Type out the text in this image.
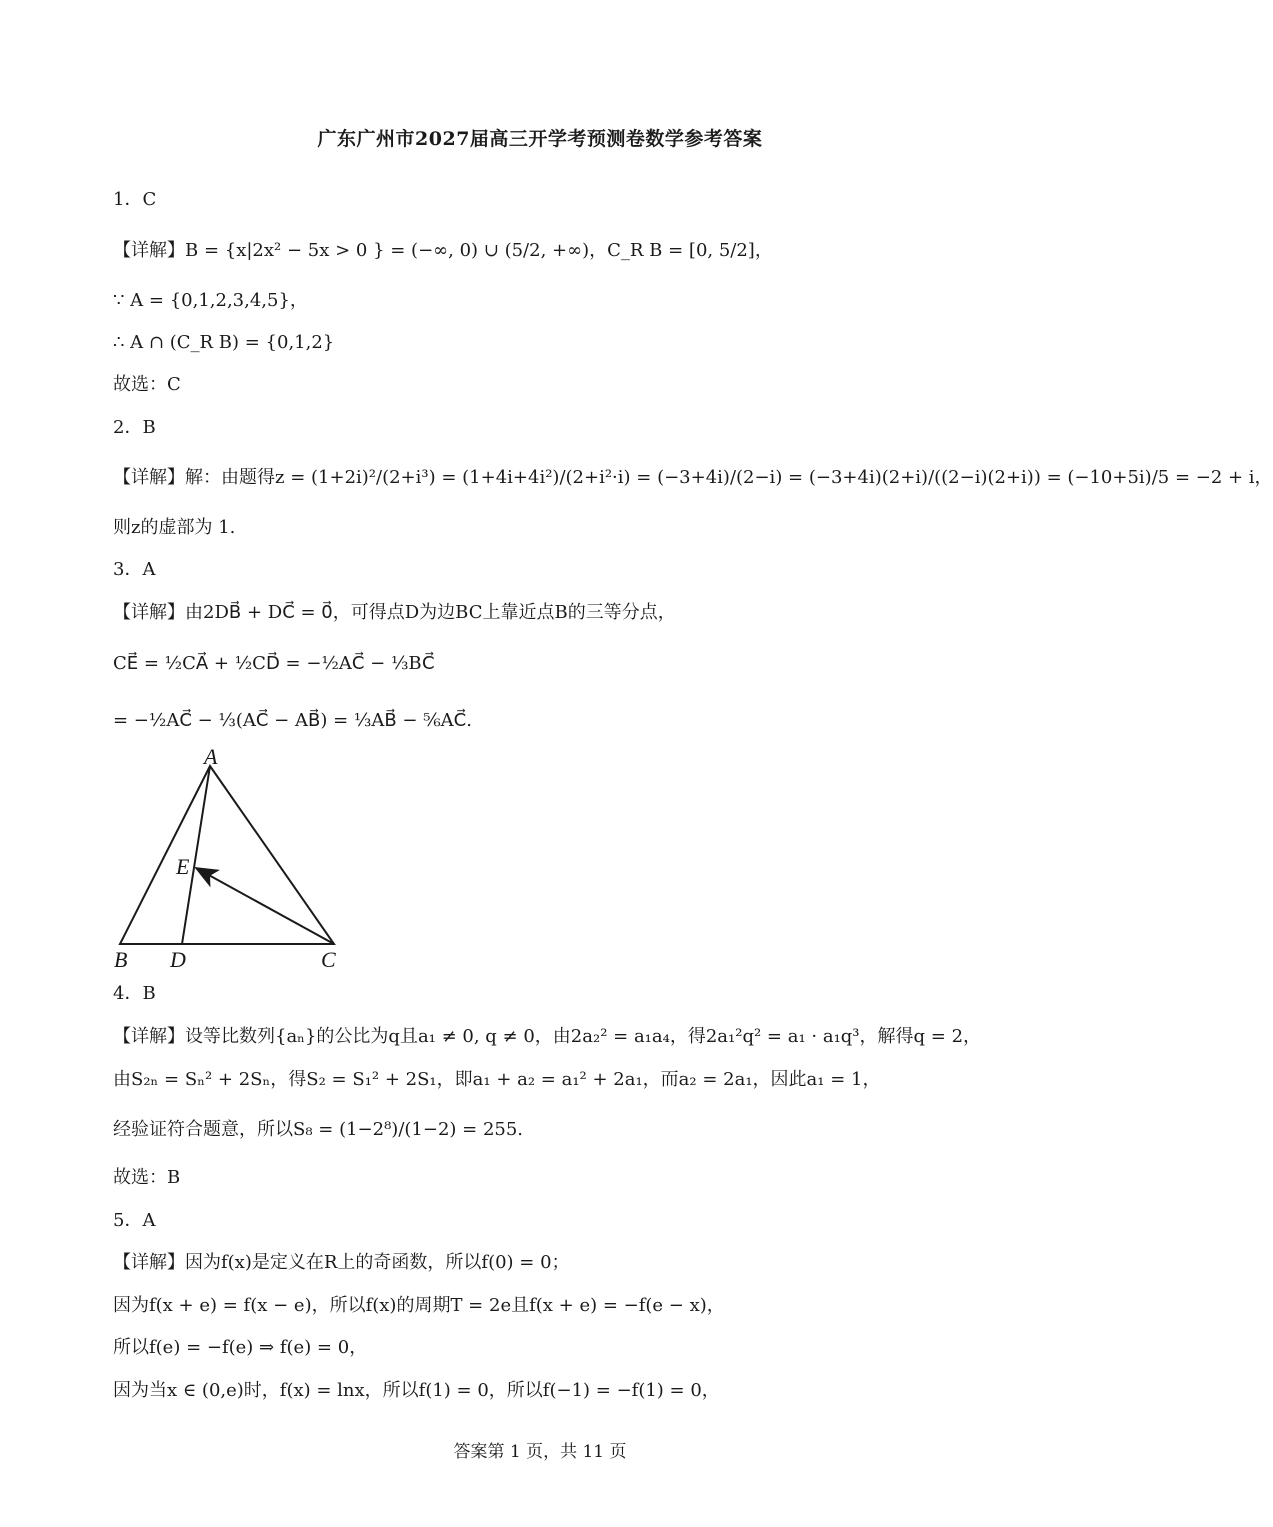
广东广州市2027届高三开学考预测卷数学参考答案
1．C
【详解】B = {x|2x² − 5x > 0 } = (−∞, 0) ∪ (5/2, +∞)，C_R B = [0, 5/2]，
∵ A = {0,1,2,3,4,5}，
∴ A ∩ (C_R B) = {0,1,2}
故选：C
2．B
【详解】解：由题得z = (1+2i)²/(2+i³) = (1+4i+4i²)/(2+i²·i) = (−3+4i)/(2−i) = (−3+4i)(2+i)/((2−i)(2+i)) = (−10+5i)/5 = −2 + i，
则z的虚部为 1.
3．A
【详解】由2DB⃗ + DC⃗ = 0⃗，可得点D为边BC上靠近点B的三等分点，
CE⃗ = ½CA⃗ + ½CD⃗ = −½AC⃗ − ⅓BC⃗
= −½AC⃗ − ⅓(AC⃗ − AB⃗) = ⅓AB⃗ − ⅚AC⃗.
A
E
B D	C
4．B
【详解】设等比数列{aₙ}的公比为q且a₁ ≠ 0, q ≠ 0，由2a₂² = a₁a₄，得2a₁²q² = a₁ · a₁q³，解得q = 2，
由S₂ₙ = Sₙ² + 2Sₙ，得S₂ = S₁² + 2S₁，即a₁ + a₂ = a₁² + 2a₁，而a₂ = 2a₁，因此a₁ = 1，
经验证符合题意，所以S₈ = (1−2⁸)/(1−2) = 255.
故选：B
5．A
【详解】因为f(x)是定义在R上的奇函数，所以f(0) = 0；
因为f(x + e) = f(x − e)，所以f(x)的周期T = 2e且f(x + e) = −f(e − x)，
所以f(e) = −f(e) ⇒ f(e) = 0，
因为当x ∈ (0,e)时，f(x) = lnx，所以f(1) = 0，所以f(−1) = −f(1) = 0，
答案第 1 页，共 11 页
